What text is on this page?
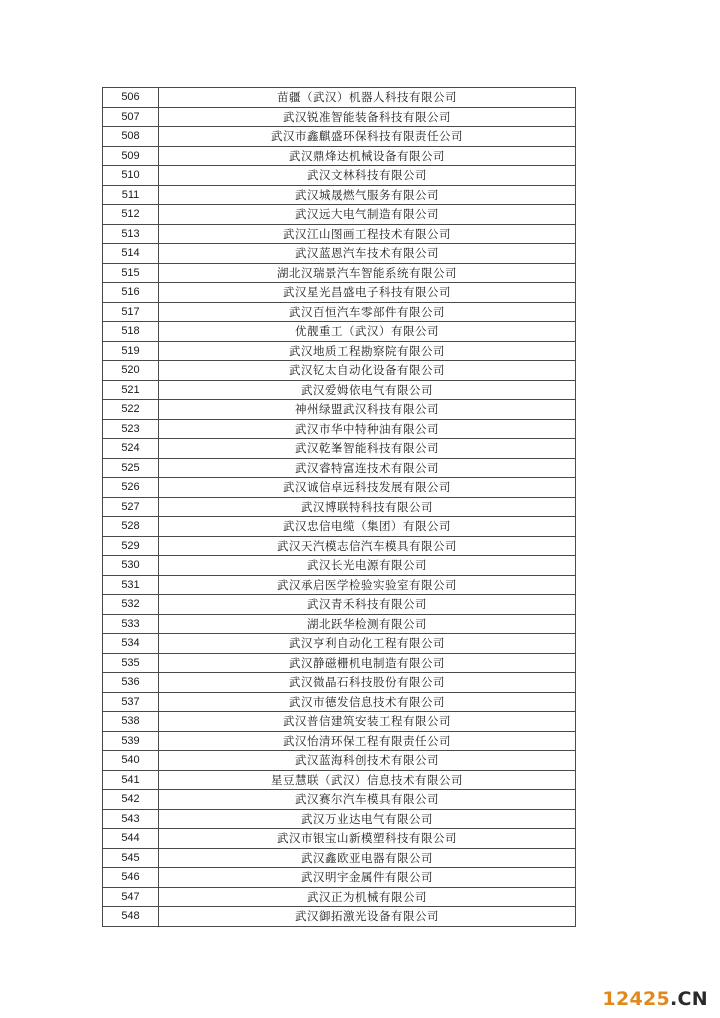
506	苗疆（武汉）机器人科技有限公司
507	武汉锐准智能装备科技有限公司
508	武汉市鑫麒盛环保科技有限责任公司
509	武汉鼎烽达机械设备有限公司
510	武汉文林科技有限公司
511	武汉城晟燃气服务有限公司
512	武汉远大电气制造有限公司
513	武汉江山图画工程技术有限公司
514	武汉蓝恩汽车技术有限公司
515	湖北汉瑞景汽车智能系统有限公司
516	武汉星光昌盛电子科技有限公司
517	武汉百恒汽车零部件有限公司
518	优靓重工（武汉）有限公司
519	武汉地质工程勘察院有限公司
520	武汉钇太自动化设备有限公司
521	武汉爱姆依电气有限公司
522	神州绿盟武汉科技有限公司
523	武汉市华中特种油有限公司
524	武汉乾峯智能科技有限公司
525	武汉睿特富连技术有限公司
526	武汉诚信卓远科技发展有限公司
527	武汉博联特科技有限公司
528	武汉忠信电缆（集团）有限公司
529	武汉天汽模志信汽车模具有限公司
530	武汉长光电源有限公司
531	武汉承启医学检验实验室有限公司
532	武汉青禾科技有限公司
533	湖北跃华检测有限公司
534	武汉亨利自动化工程有限公司
535	武汉静磁栅机电制造有限公司
536	武汉微晶石科技股份有限公司
537	武汉市德发信息技术有限公司
538	武汉普信建筑安装工程有限公司
539	武汉怡清环保工程有限责任公司
540	武汉蓝海科创技术有限公司
541	星豆慧联（武汉）信息技术有限公司
542	武汉赛尔汽车模具有限公司
543	武汉万业达电气有限公司
544	武汉市银宝山新模塑科技有限公司
545	武汉鑫欧亚电器有限公司
546	武汉明宇金属件有限公司
547	武汉正为机械有限公司
548	武汉御拓激光设备有限公司
12425.CN
